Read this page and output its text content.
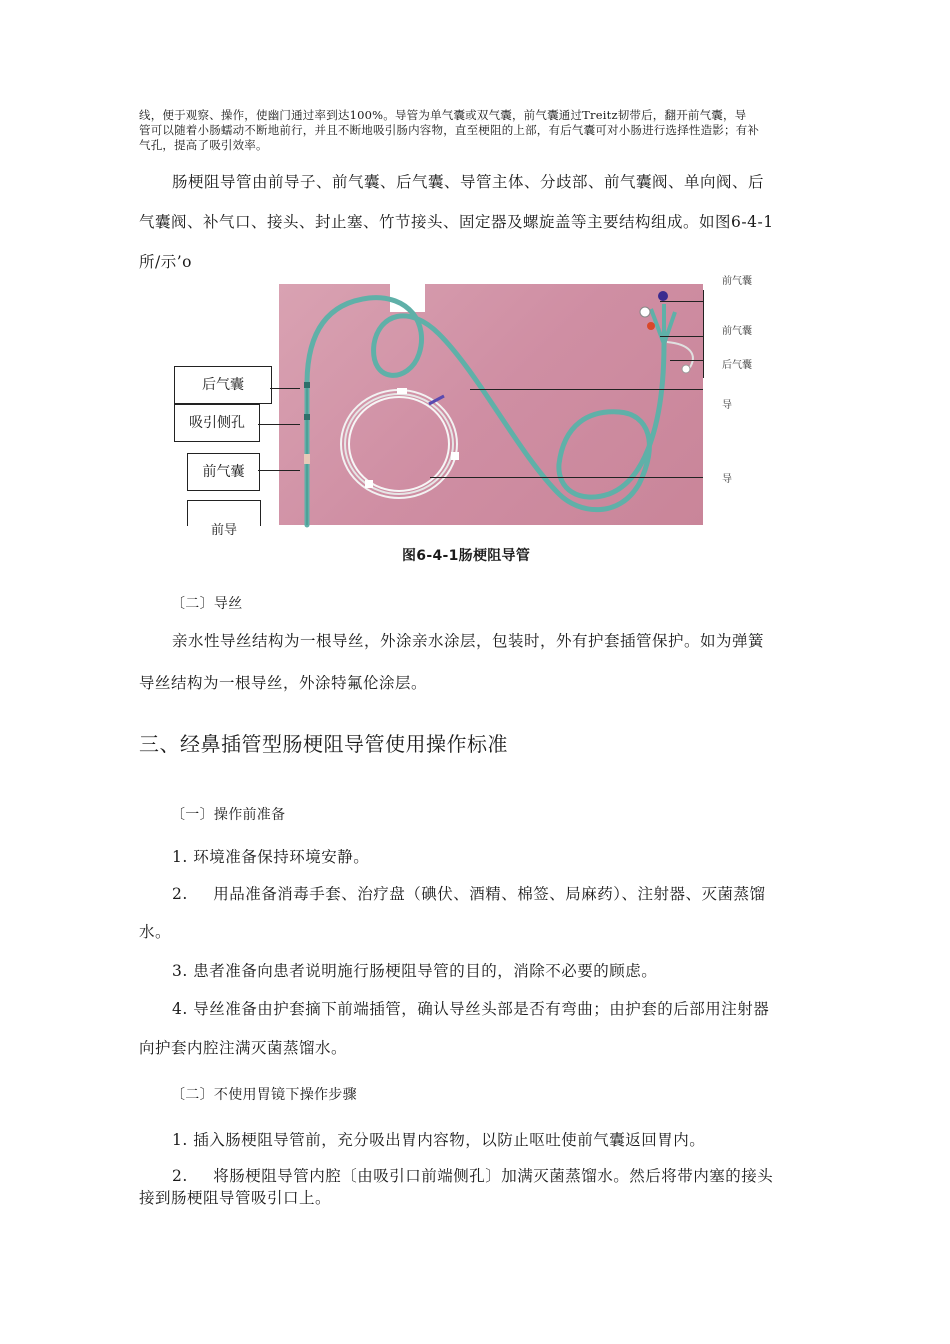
线，便于观察、操作，使幽门通过率到达100%。导管为单气囊或双气囊，前气囊通过Treitz韧带后，翻开前气囊，导
管可以随着小肠蠕动不断地前行，并且不断地吸引肠内容物，直至梗阻的上部，有后气囊可对小肠进行选择性造影；有补
气孔，提高了吸引效率。
肠梗阻导管由前导子、前气囊、后气囊、导管主体、分歧部、前气囊阀、单向阀、后
气囊阀、补气口、接头、封止塞、竹节接头、固定器及螺旋盖等主要结构组成。如图6-4-1
所/示’o
前气囊
前气囊
后气囊
导
导
后气囊
吸引侧孔
前气囊
前导
图6-4-1肠梗阻导管
〔二〕导丝
亲水性导丝结构为一根导丝，外涂亲水涂层，包装时，外有护套插管保护。如为弹簧
导丝结构为一根导丝，外涂特氟伦涂层。
三、经鼻插管型肠梗阻导管使用操作标准
〔一〕操作前准备
1. 环境准备保持环境安静。
2. 用品准备消毒手套、治疗盘（碘伏、酒精、棉签、局麻药）、注射器、灭菌蒸馏
水。
3. 患者准备向患者说明施行肠梗阻导管的目的，消除不必要的顾虑。
4. 导丝准备由护套摘下前端插管，确认导丝头部是否有弯曲；由护套的后部用注射器
向护套内腔注满灭菌蒸馏水。
〔二〕不使用胃镜下操作步骤
1. 插入肠梗阻导管前，充分吸出胃内容物，以防止呕吐使前气囊返回胃内。
2. 将肠梗阻导管内腔〔由吸引口前端侧孔〕加满灭菌蒸馏水。然后将带内塞的接头
接到肠梗阻导管吸引口上。
